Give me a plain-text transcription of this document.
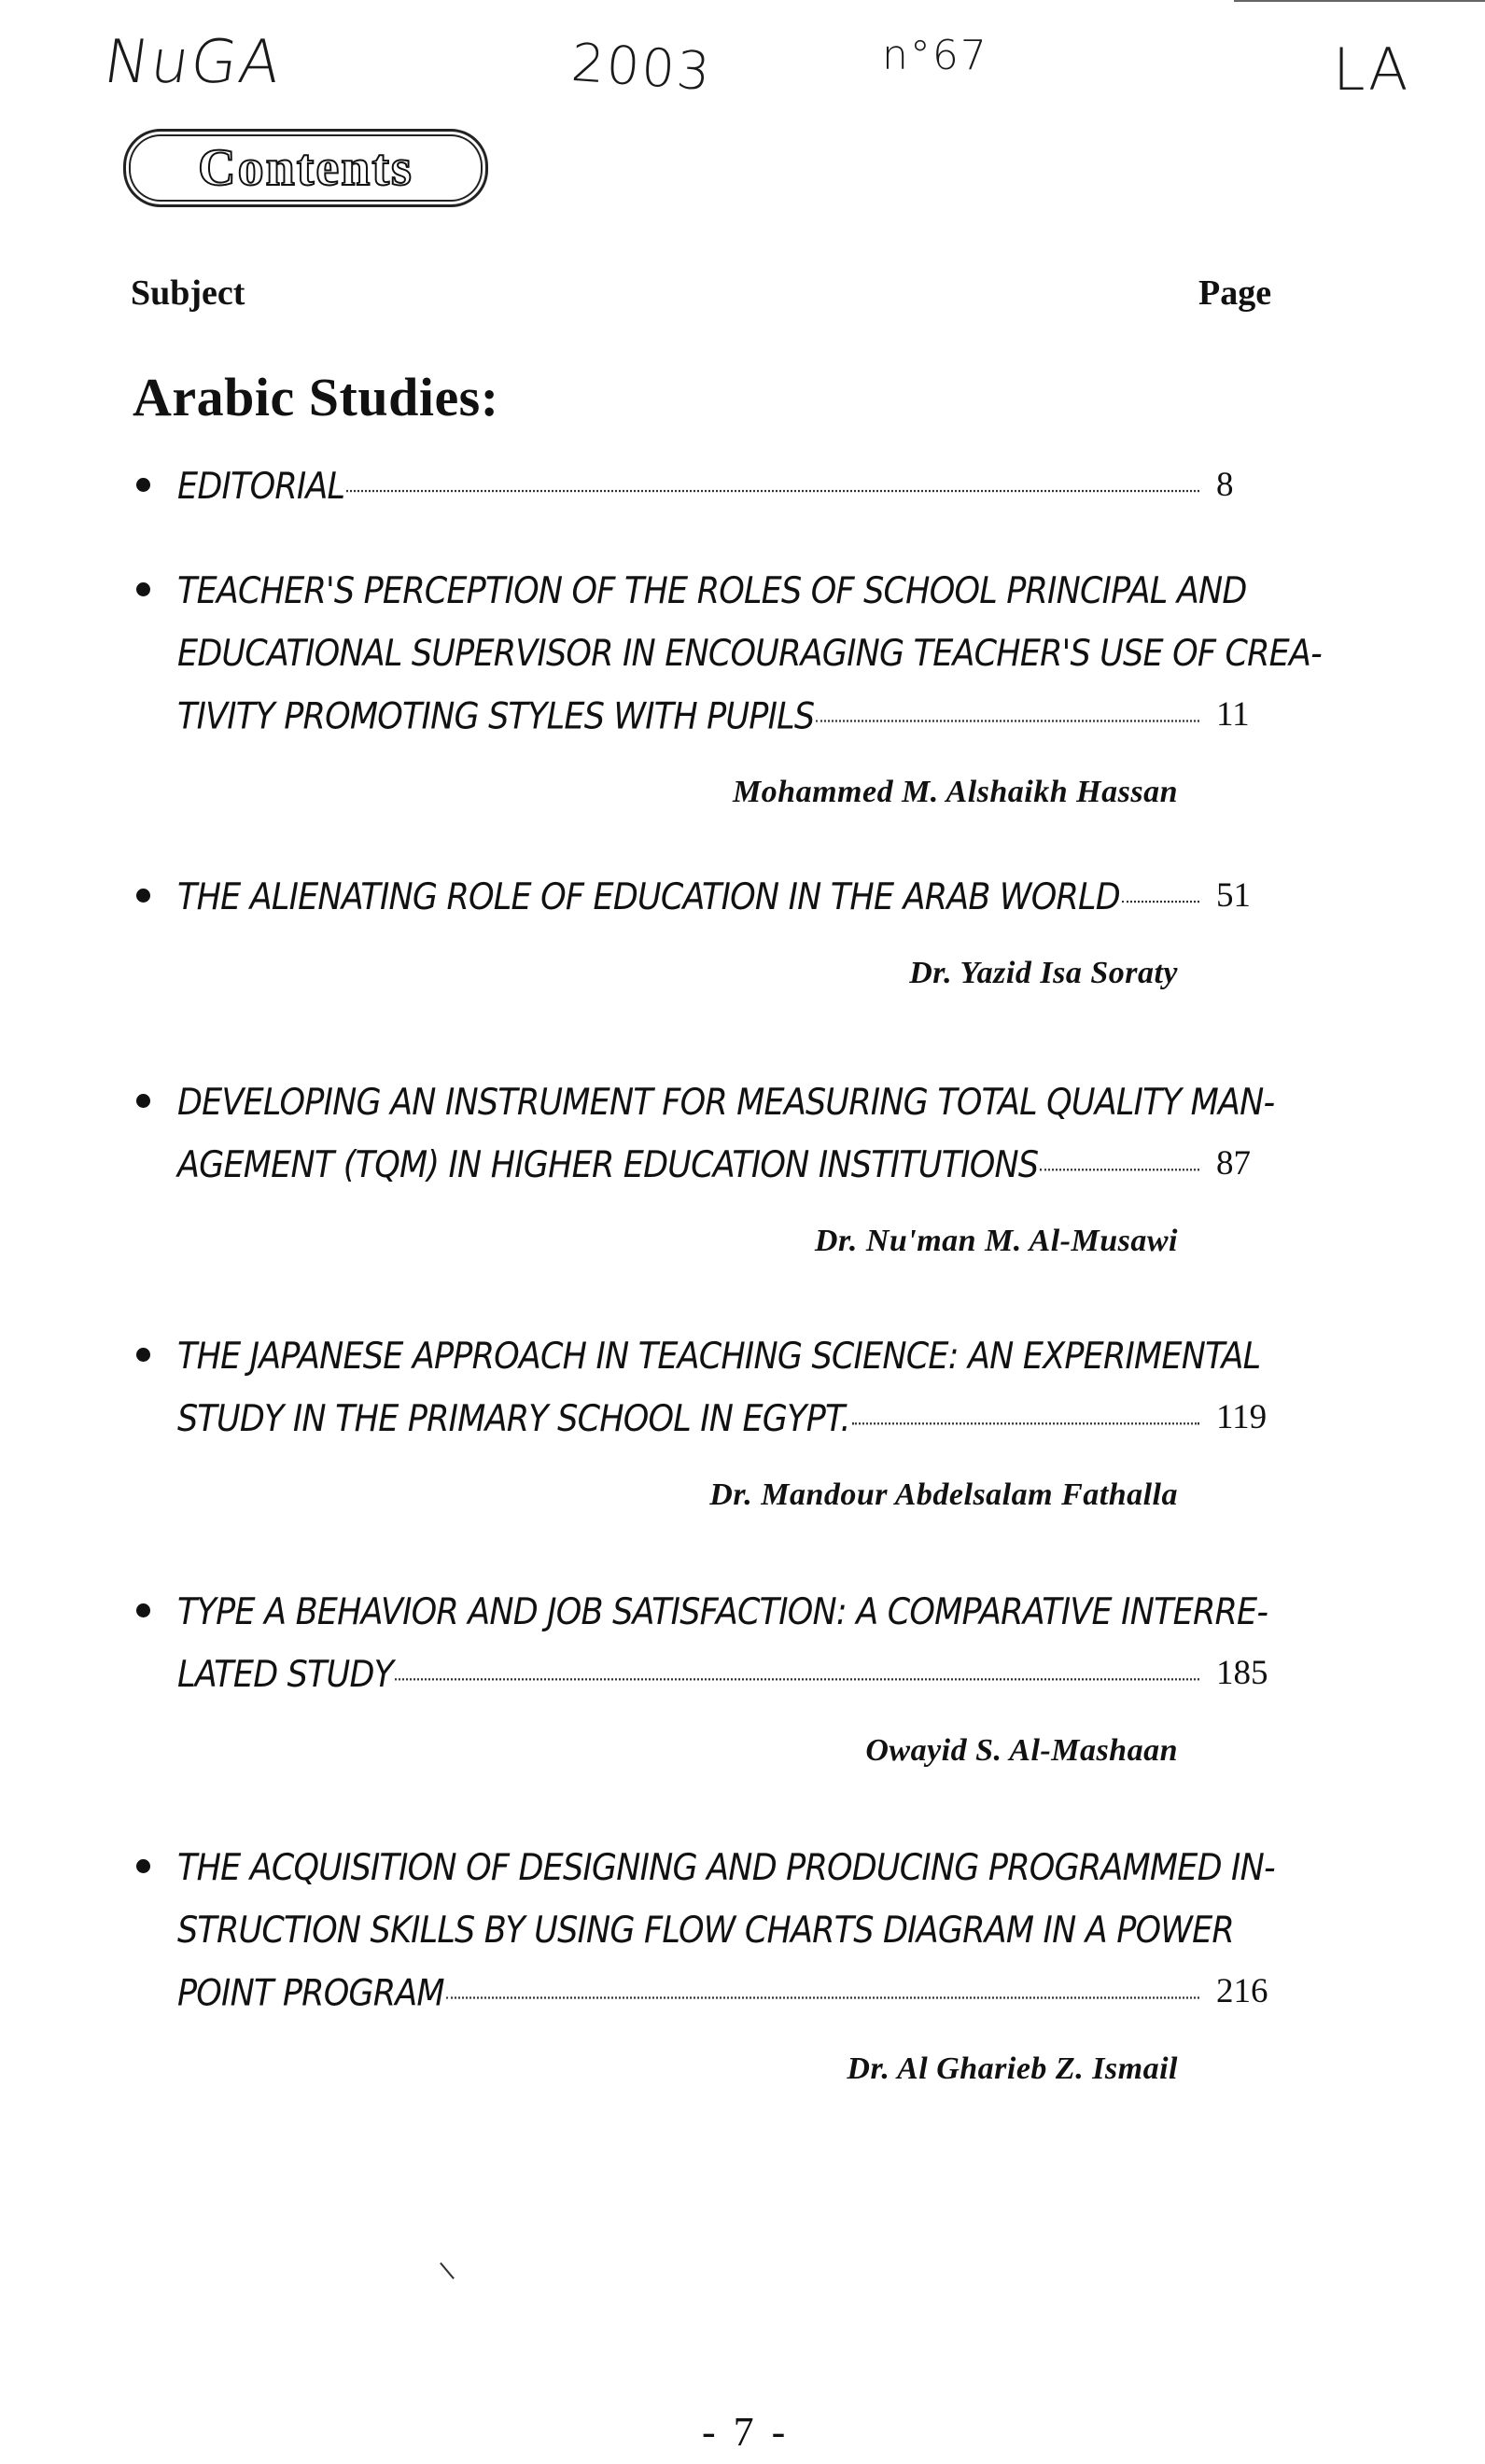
NuGA	2003	n°67	LA
Contents
Subject	Page
Arabic Studies:
EDITORIAL	8
TEACHER'S PERCEPTION OF THE ROLES OF SCHOOL PRINCIPAL AND
EDUCATIONAL SUPERVISOR IN ENCOURAGING TEACHER'S USE OF CREA-
TIVITY PROMOTING STYLES WITH PUPILS	11
Mohammed M. Alshaikh Hassan
THE ALIENATING ROLE OF EDUCATION IN THE ARAB WORLD	51
Dr. Yazid Isa Soraty
DEVELOPING AN INSTRUMENT FOR MEASURING TOTAL QUALITY MAN-
AGEMENT (TQM) IN HIGHER EDUCATION INSTITUTIONS	87
Dr. Nu'man M. Al-Musawi
THE JAPANESE APPROACH IN TEACHING SCIENCE: AN EXPERIMENTAL
STUDY IN THE PRIMARY SCHOOL IN EGYPT.	119
Dr. Mandour Abdelsalam Fathalla
TYPE A BEHAVIOR AND JOB SATISFACTION: A COMPARATIVE INTERRE-
LATED STUDY	185
Owayid S. Al-Mashaan
THE ACQUISITION OF DESIGNING AND PRODUCING PROGRAMMED IN-
STRUCTION SKILLS BY USING FLOW CHARTS DIAGRAM IN A POWER
POINT PROGRAM	216
Dr. Al Gharieb Z. Ismail
- 7 -
